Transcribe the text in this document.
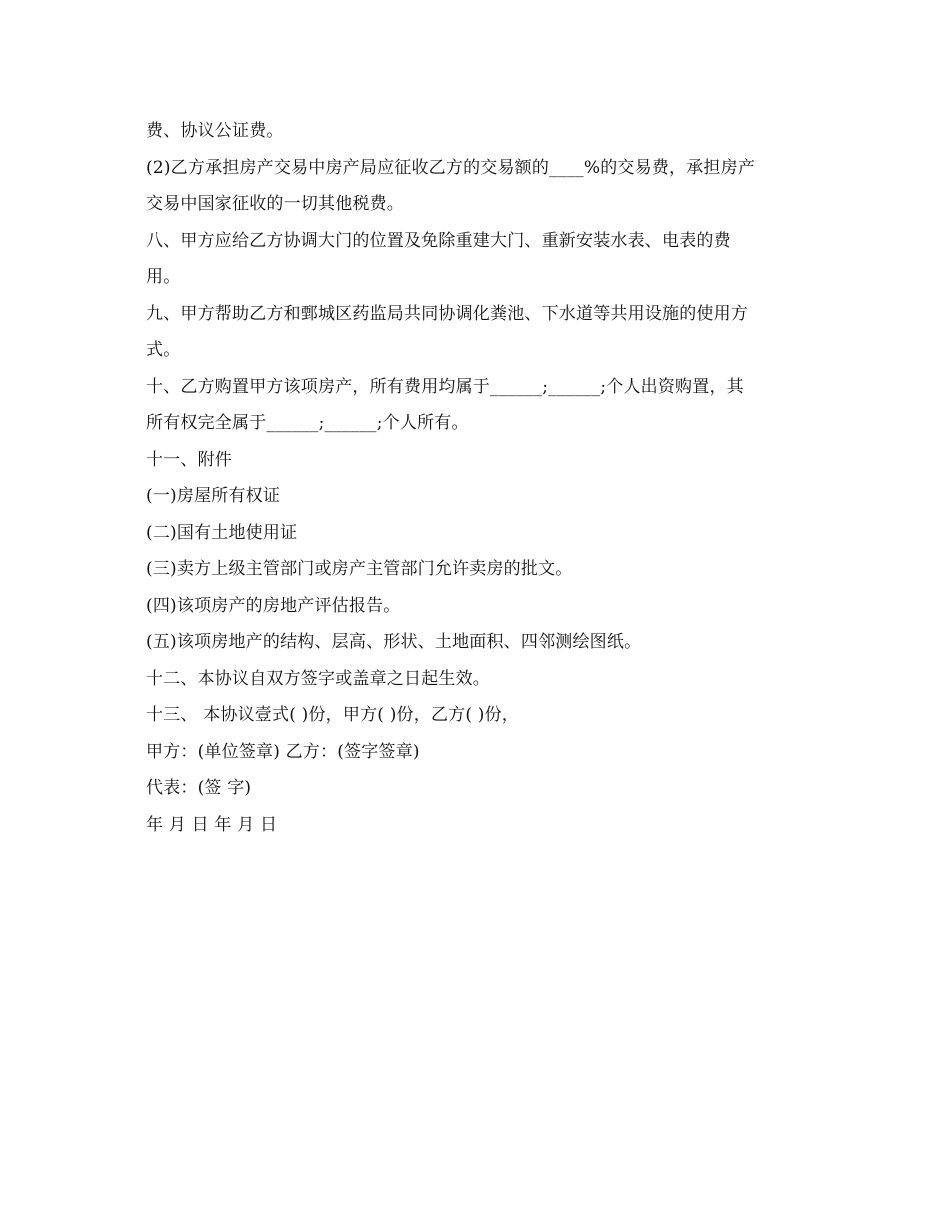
费、协议公证费。
(2)乙方承担房产交易中房产局应征收乙方的交易额的____%的交易费，承担房产
交易中国家征收的一切其他税费。
八、甲方应给乙方协调大门的位置及免除重建大门、重新安装水表、电表的费
用。
九、甲方帮助乙方和鄄城区药监局共同协调化粪池、下水道等共用设施的使用方
式。
十、乙方购置甲方该项房产，所有费用均属于______;______;个人出资购置，其
所有权完全属于______;______;个人所有。
十一、附件
(一)房屋所有权证
(二)国有土地使用证
(三)卖方上级主管部门或房产主管部门允许卖房的批文。
(四)该项房产的房地产评估报告。
(五)该项房地产的结构、层高、形状、土地面积、四邻测绘图纸。
十二、本协议自双方签字或盖章之日起生效。
十三、 本协议壹式( )份，甲方( )份，乙方( )份，
甲方：(单位签章) 乙方：(签字签章)
代表：(签 字)
年 月 日 年 月 日
